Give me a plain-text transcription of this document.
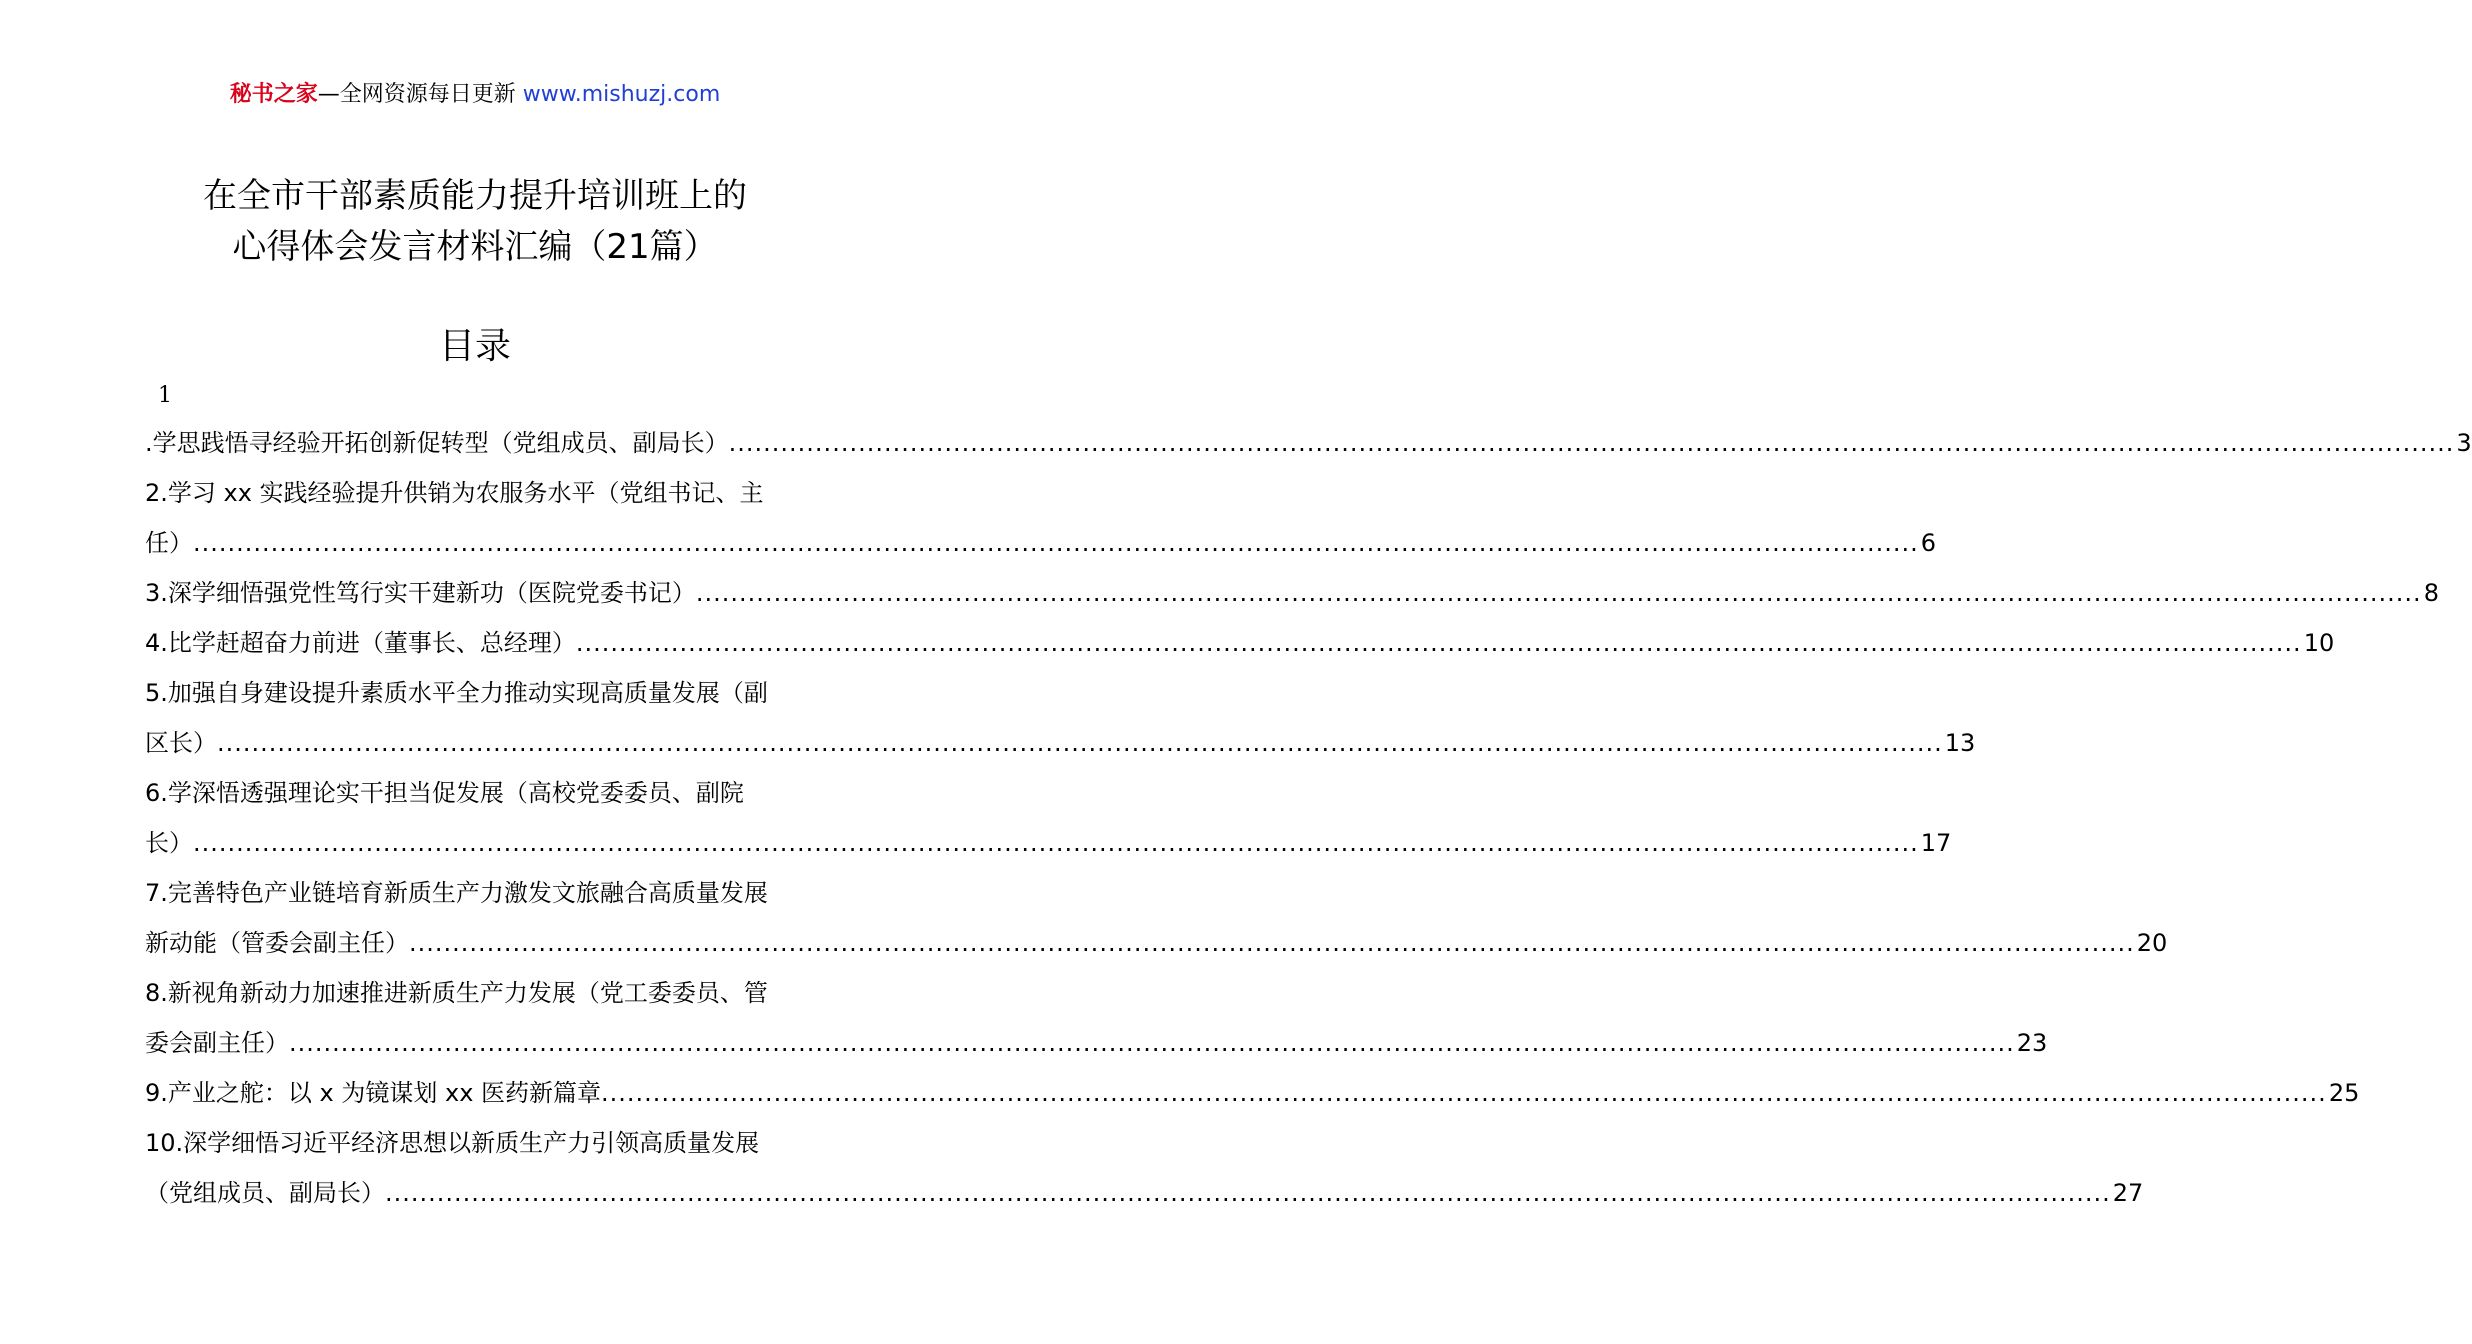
秘书之家—全网资源每日更新 www.mishuzj.com
在全市干部素质能力提升培训班上的
心得体会发言材料汇编（21篇）
目录
1
.学思践悟寻经验开拓创新促转型（党组成员、副局长） ........................................................................................................................................................................................................ 3
2.学习 xx 实践经验提升供销为农服务水平（党组书记、主
任） ........................................................................................................................................................................................................ 6
3.深学细悟强党性笃行实干建新功（医院党委书记） ........................................................................................................................................................................................................ 8
4.比学赶超奋力前进（董事长、总经理） ........................................................................................................................................................................................................ 10
5.加强自身建设提升素质水平全力推动实现高质量发展（副
区长） ........................................................................................................................................................................................................ 13
6.学深悟透强理论实干担当促发展（高校党委委员、副院
长） ........................................................................................................................................................................................................ 17
7.完善特色产业链培育新质生产力激发文旅融合高质量发展
新动能（管委会副主任） ........................................................................................................................................................................................................ 20
8.新视角新动力加速推进新质生产力发展（党工委委员、管
委会副主任） ........................................................................................................................................................................................................ 23
9.产业之舵：以 x 为镜谋划 xx 医药新篇章 ........................................................................................................................................................................................................ 25
10.深学细悟习近平经济思想以新质生产力引领高质量发展
（党组成员、副局长） ........................................................................................................................................................................................................ 27
